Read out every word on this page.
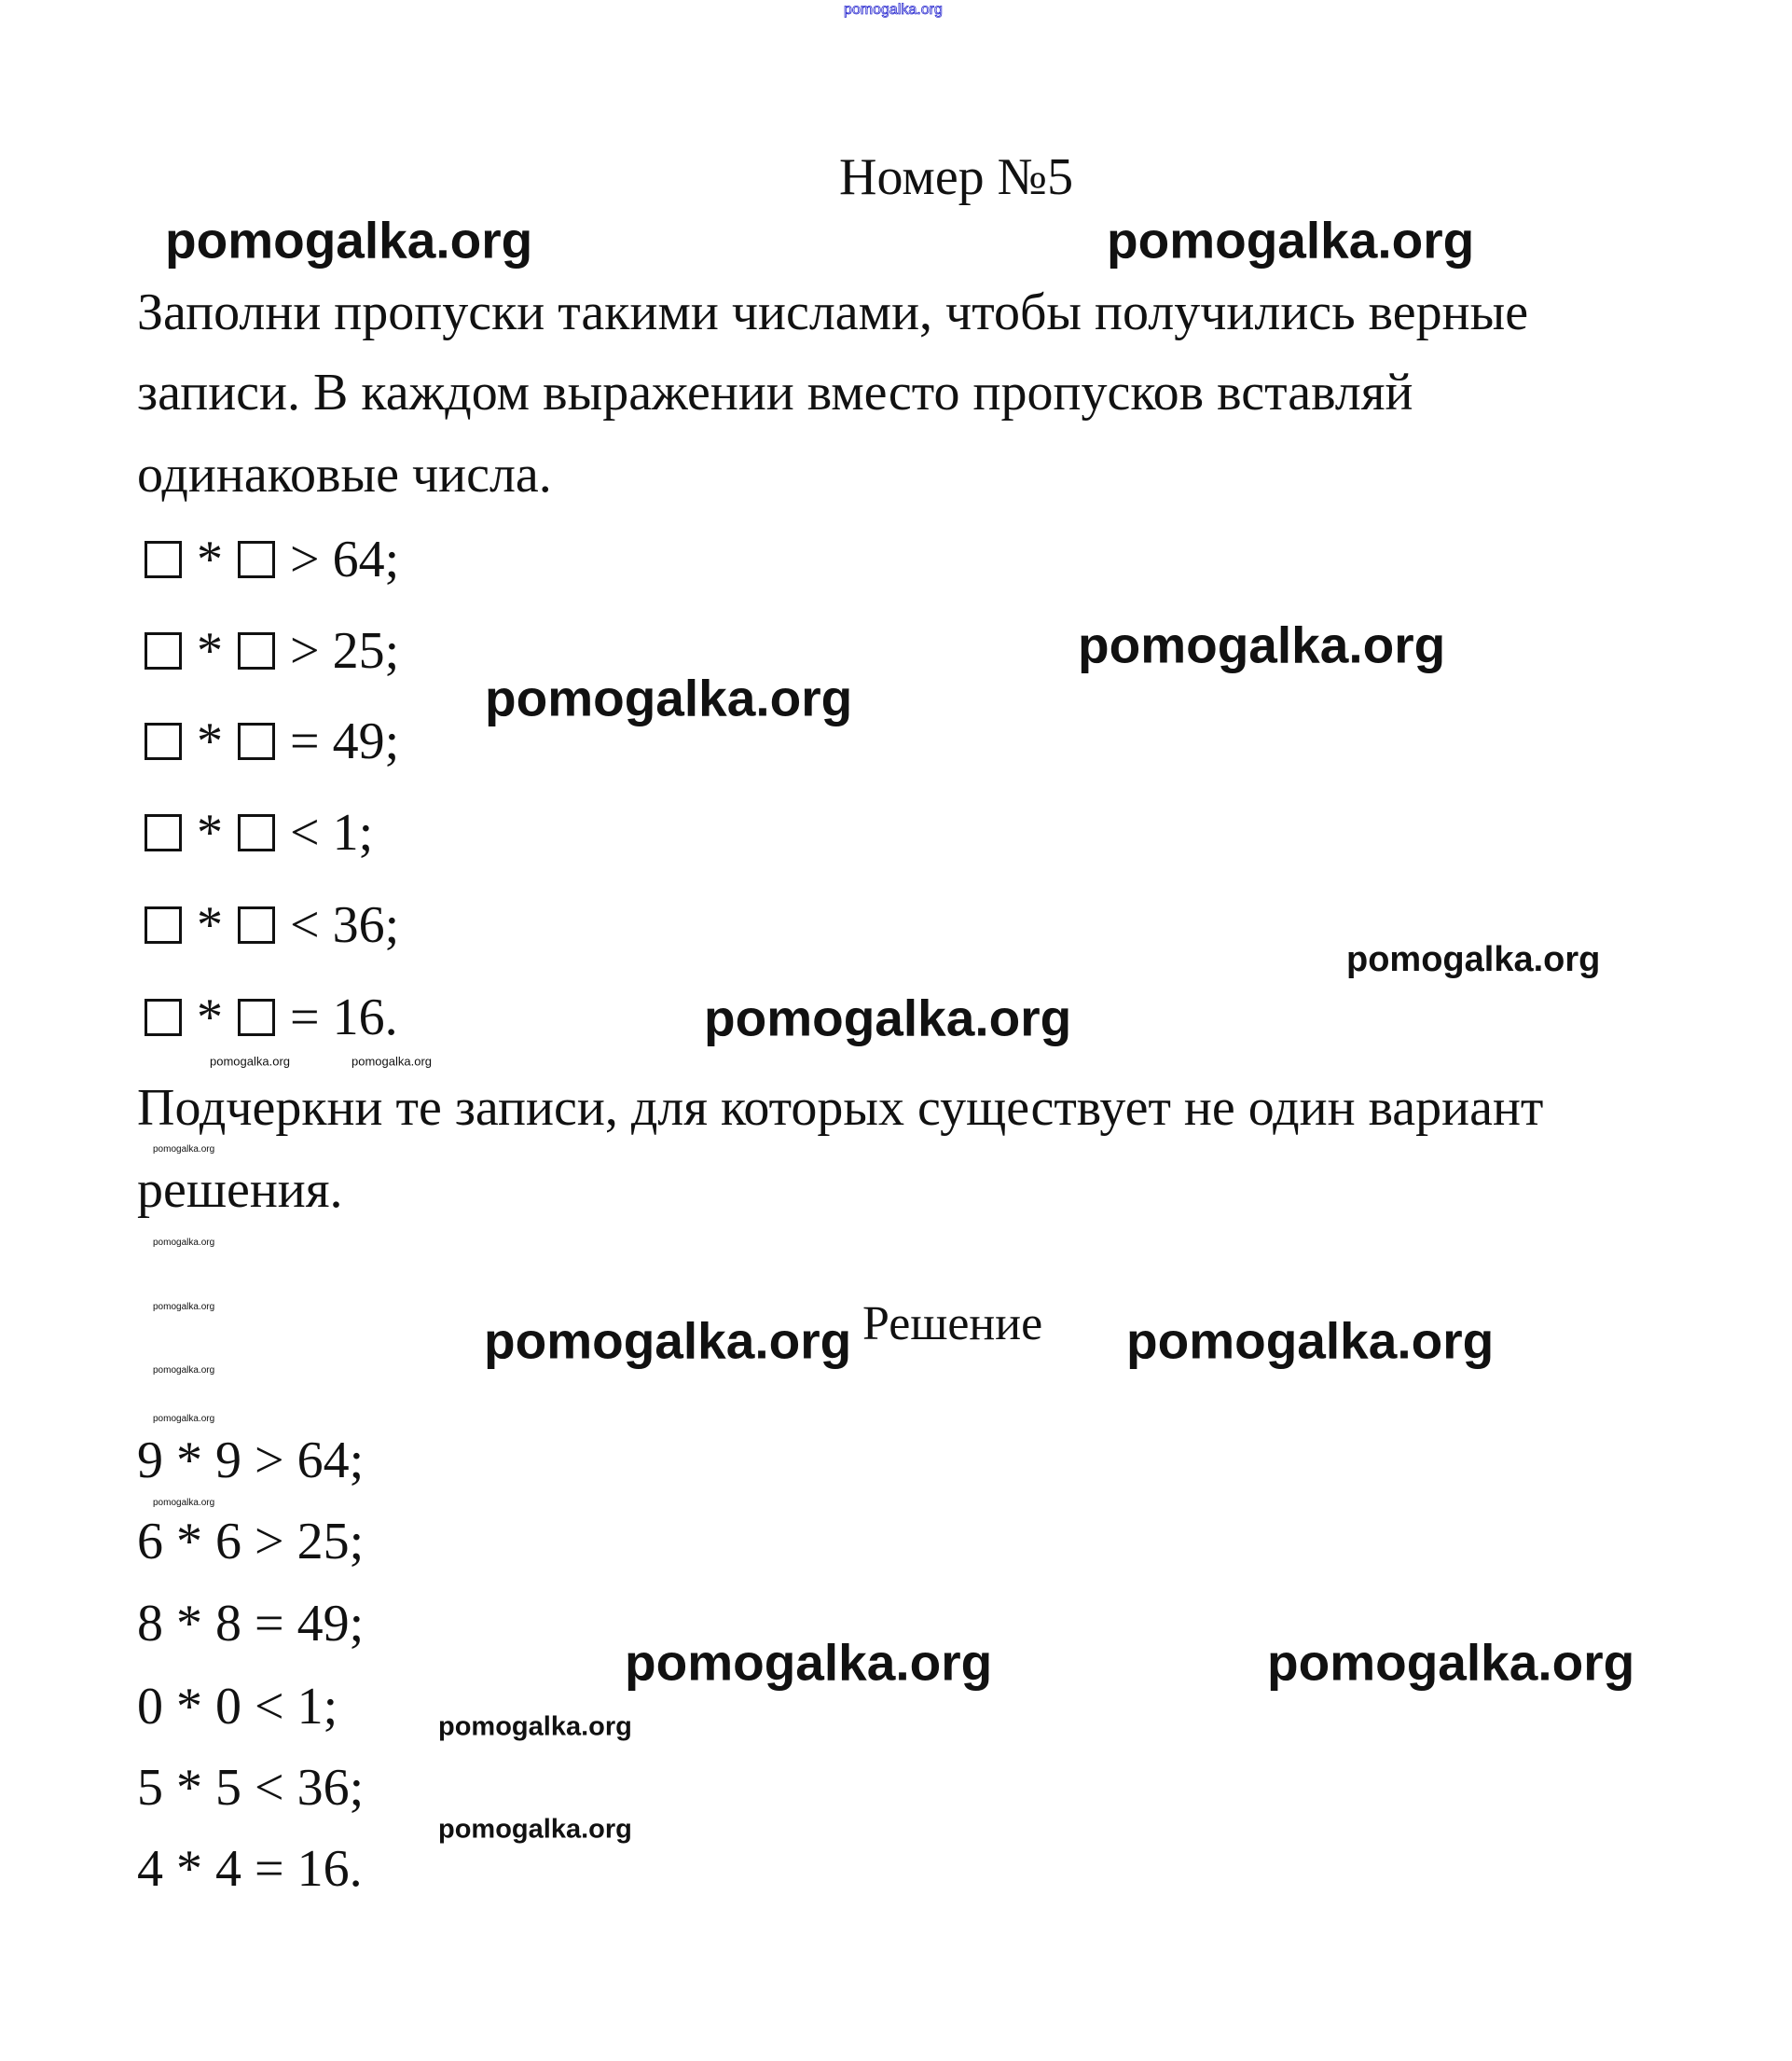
pomogalka.org
Номер №5
Заполни пропуски такими числами, чтобы получились верные
записи. В каждом выражении вместо пропусков вставляй
одинаковые числа.
* > 64;
* > 25;
* = 49;
* < 1;
* < 36;
* = 16.
Подчеркни те записи, для которых существует не один вариант
решения.
Решение
9 * 9 > 64;
6 * 6 > 25;
8 * 8 = 49;
0 * 0 < 1;
5 * 5 < 36;
4 * 4 = 16.
pomogalka.org	pomogalka.org
pomogalka.org
pomogalka.org
pomogalka.org
pomogalka.org
pomogalka.org	pomogalka.org
pomogalka.org
pomogalka.org
pomogalka.org
pomogalka.org
pomogalka.org
pomogalka.org
pomogalka.org	pomogalka.org
pomogalka.org
pomogalka.org	pomogalka.org
pomogalka.org
